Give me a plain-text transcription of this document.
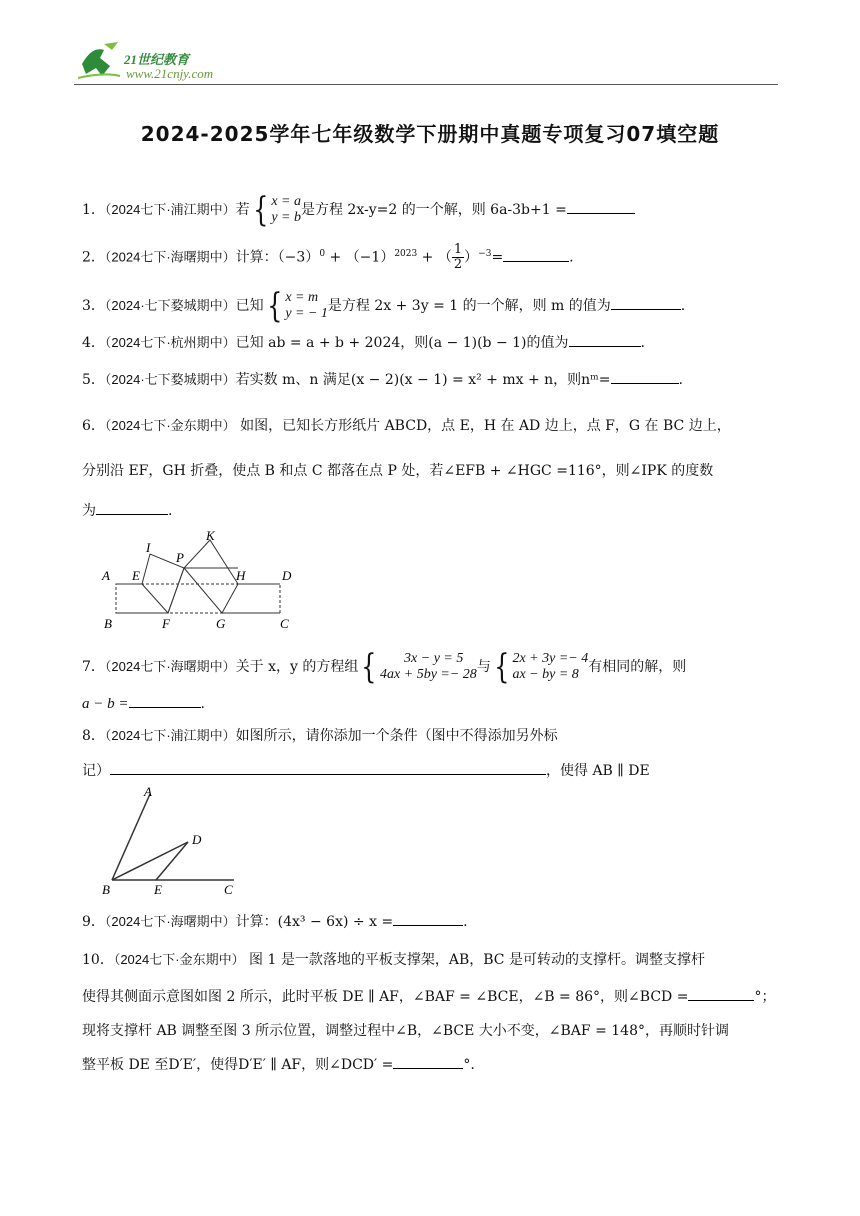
21世纪教育
www.21cnjy.com
2024-2025学年七年级数学下册期中真题专项复习07填空题
1．（2024七下·浦江期中）若 { x = a
y = b 是方程 2x-y=2 的一个解，则 6a-3b+1 =
2．（2024七下·海曙期中）计算：$(-3)^0 + (-1)^{2023}$ + （ $\frac{1}{2} )^{-3}=$	.
3．（2024·七下婺城期中）已知 { x = m
y = − 1 是方程 2x + 3y = 1 的一个解，则 m 的值为	.
4．（2024七下·杭州期中）已知 ab = a + b + 2024，则(a − 1)(b − 1)的值为	.
5．（2024·七下婺城期中）若实数 m、n 满足(x − 2)(x − 1) = x² + mx + n，则nᵐ=	.
6．（2024七下·金东期中） 如图，已知长方形纸片 ABCD，点 E，H 在 AD 边上，点 F，G 在 BC 边上，
分别沿 EF，GH 折叠，使点 B 和点 C 都落在点 P 处，若∠EFB + ∠HGC =116°，则∠IPK 的度数
为	.
A E
I
P
K
H	D
B	F	G	C
7．（2024七下·海曙期中）关于 x，y 的方程组 {	3x − y = 5
4ax + 5by =− 28 与 { 2x + 3y =− 4
ax − by = 8 有相同的解，则
a − b =	.
8．（2024七下·浦江期中）如图所示，请你添加一个条件（图中不得添加另外标
记）	，使得 AB ∥ DE
A
D
B	E	C
9．（2024七下·海曙期中）计算：(4x³ − 6x) ÷ x =	.
10．（2024七下·金东期中） 图 1 是一款落地的平板支撑架，AB，BC 是可转动的支撑杆。调整支撑杆
使得其侧面示意图如图 2 所示，此时平板 DE ∥ AF，∠BAF = ∠BCE，∠B = 86°，则∠BCD =	°；
现将支撑杆 AB 调整至图 3 所示位置，调整过程中∠B，∠BCE 大小不变，∠BAF = 148°，再顺时针调
整平板 DE 至D′E′，使得D′E′ ∥ AF，则∠DCD′ =	°.
